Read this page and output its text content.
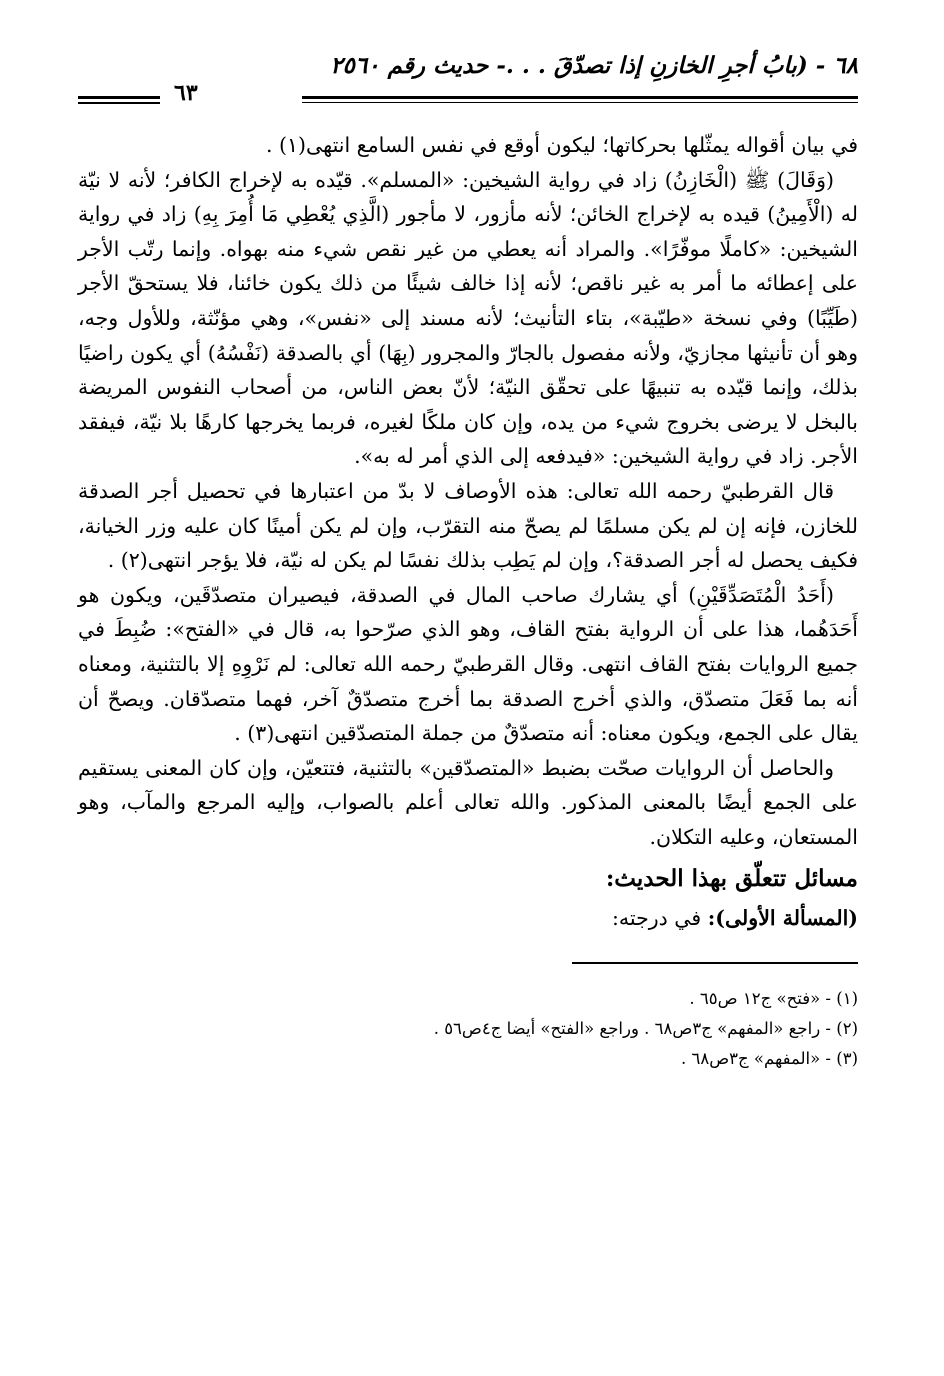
٦٨ - (بابُ أجرِ الخازنِ إذا تصدّقَ . . .- حديث رقم ٢٥٦٠
٦٣

في بيان أقواله يمثّلها بحركاتها؛ ليكون أوقع في نفس السامع انتهى(١) .

(وَقَالَ) ﷺ (الْخَازِنُ) زاد في رواية الشيخين: «المسلم». قيّده به لإخراج الكافر؛ لأنه لا نيّة له (الْأَمِينُ) قيده به لإخراج الخائن؛ لأنه مأزور، لا مأجور (الَّذِي يُعْطِي مَا أُمِرَ بِهِ) زاد في رواية الشيخين: «كاملًا موفّرًا». والمراد أنه يعطي من غير نقص شيء منه بهواه. وإنما رتّب الأجر على إعطائه ما أمر به غير ناقص؛ لأنه إذا خالف شيئًا من ذلك يكون خائنا، فلا يستحقّ الأجر (طَيِّبًا) وفي نسخة «طيّبة»، بتاء التأنيث؛ لأنه مسند إلى «نفس»، وهي مؤنّثة، وللأول وجه، وهو أن تأنيثها مجازيّ، ولأنه مفصول بالجارّ والمجرور (بِهَا) أي بالصدقة (نَفْسُهُ) أي يكون راضيًا بذلك، وإنما قيّده به تنبيهًا على تحقّق النيّة؛ لأنّ بعض الناس، من أصحاب النفوس المريضة بالبخل لا يرضى بخروج شيء من يده، وإن كان ملكًا لغيره، فربما يخرجها كارهًا بلا نيّة، فيفقد الأجر. زاد في رواية الشيخين: «فيدفعه إلى الذي أمر له به».

قال القرطبيّ رحمه الله تعالى: هذه الأوصاف لا بدّ من اعتبارها في تحصيل أجر الصدقة للخازن، فإنه إن لم يكن مسلمًا لم يصحّ منه التقرّب، وإن لم يكن أمينًا كان عليه وزر الخيانة، فكيف يحصل له أجر الصدقة؟، وإن لم يَطِب بذلك نفسًا لم يكن له نيّة، فلا يؤجر انتهى(٢) .

(أَحَدُ الْمُتَصَدِّقَيْنِ) أي يشارك صاحب المال في الصدقة، فيصيران متصدّقَين، ويكون هو أَحَدَهُما، هذا على أن الرواية بفتح القاف، وهو الذي صرّحوا به، قال في «الفتح»: ضُبِطَ في جميع الروايات بفتح القاف انتهى. وقال القرطبيّ رحمه الله تعالى: لم نَرْوِهِ إلا بالتثنية، ومعناه أنه بما فَعَلَ متصدّق، والذي أخرج الصدقة بما أخرج متصدّقٌ آخر، فهما متصدّقان. ويصحّ أن يقال على الجمع، ويكون معناه: أنه متصدّقٌ من جملة المتصدّقين انتهى(٣) .

والحاصل أن الروايات صحّت بضبط «المتصدّقين» بالتثنية، فتتعيّن، وإن كان المعنى يستقيم على الجمع أيضًا بالمعنى المذكور. والله تعالى أعلم بالصواب، وإليه المرجع والمآب، وهو المستعان، وعليه التكلان.

مسائل تتعلّق بهذا الحديث:
(المسألة الأولى): في درجته:
(١) - «فتح» ج١٢ ص٦٥ .
(٢) - راجع «المفهم» ج٣ص٦٨ . وراجع «الفتح» أيضا ج٤ص٥٦ .
(٣) - «المفهم» ج٣ص٦٨ .
